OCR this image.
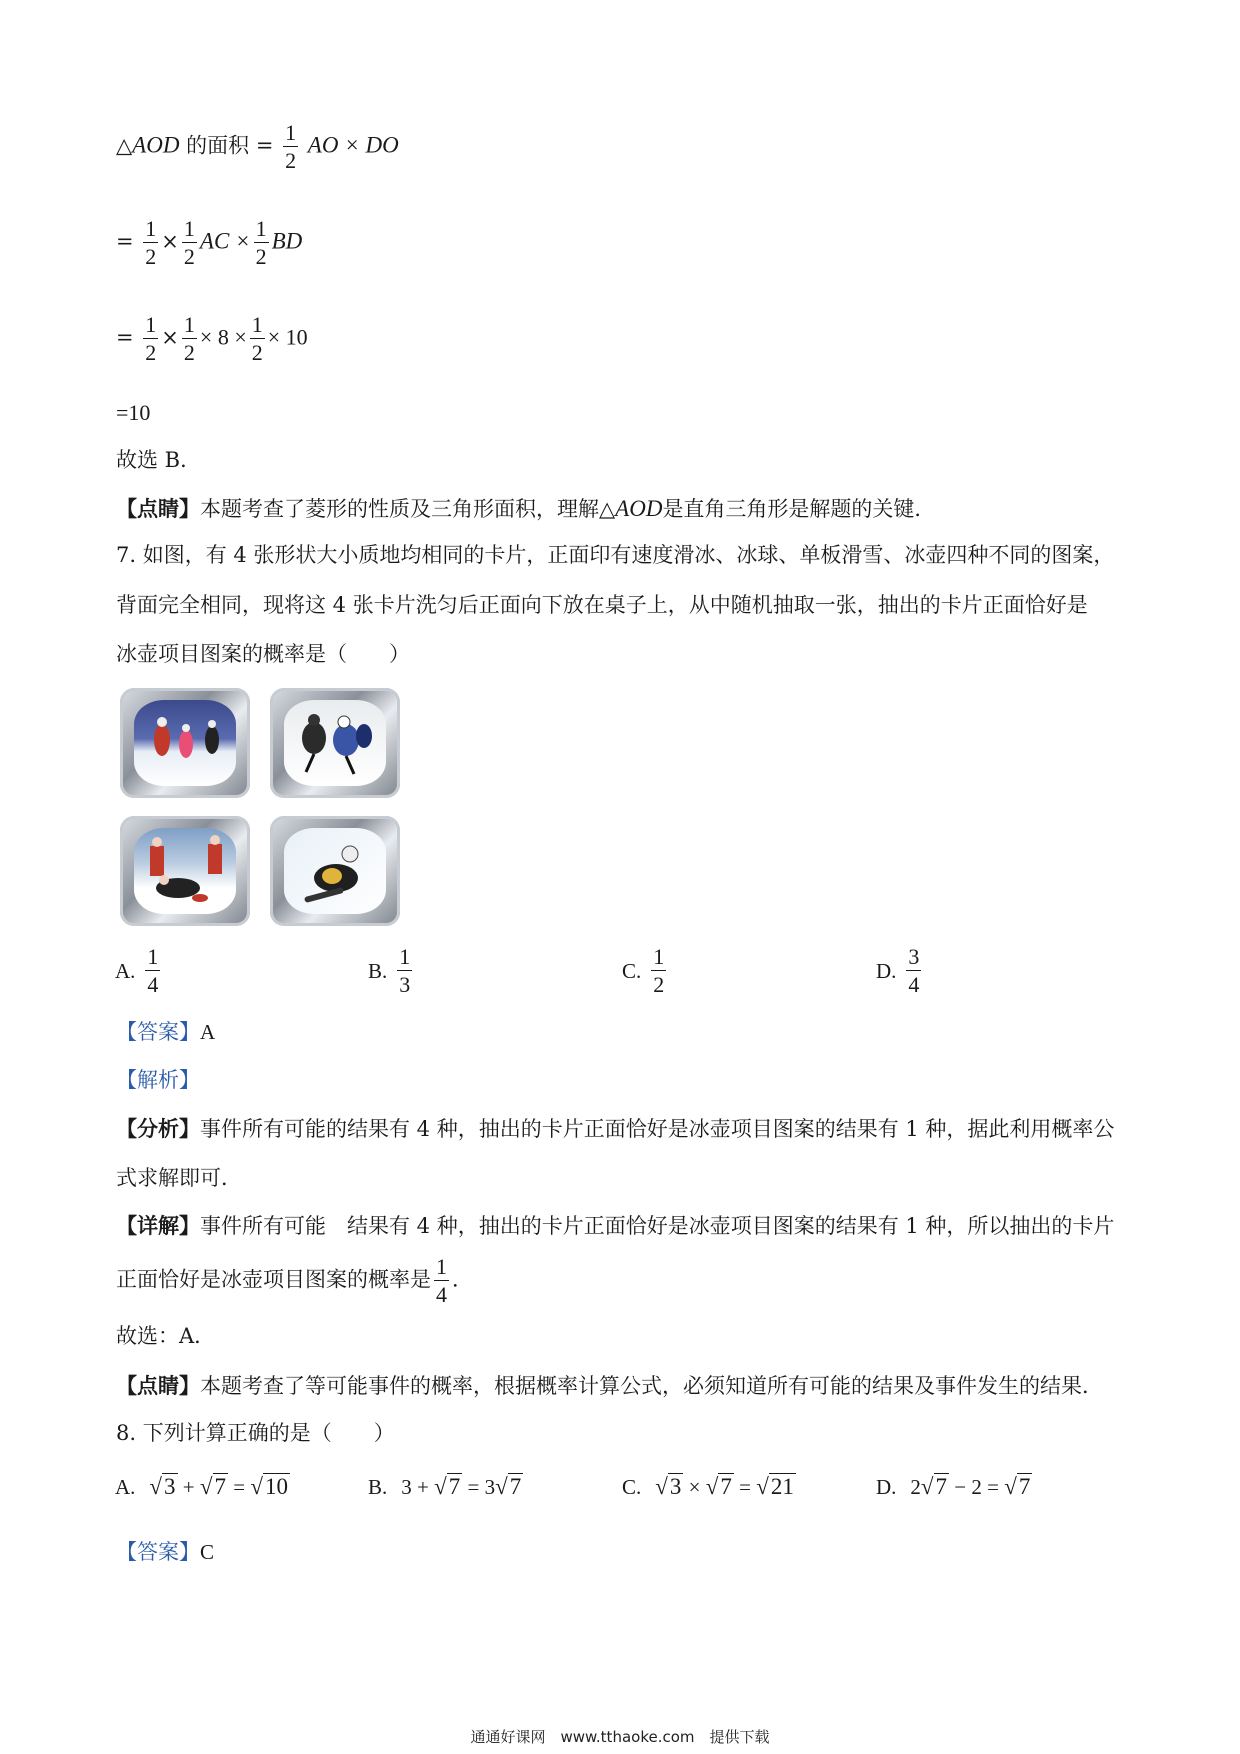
△AOD 的面积 = $\frac{1}{2}$ AO × DO
= $\frac{1}{2} \times \frac{1}{2}$ AC × $\frac{1}{2}$ BD
= $\frac{1}{2} \times \frac{1}{2} \times 8 \times \frac{1}{2} \times 10$
=10
故选 B．
【点睛】本题考查了菱形的性质及三角形面积，理解△AOD是直角三角形是解题的关键．
7. 如图，有 4 张形状大小质地均相同的卡片，正面印有速度滑冰、冰球、单板滑雪、冰壶四种不同的图案，
背面完全相同，现将这 4 张卡片洗匀后正面向下放在桌子上，从中随机抽取一张，抽出的卡片正面恰好是
冰壶项目图案的概率是（　　）
A. $\frac{1}{4}$	B. $\frac{1}{3}$	C. $\frac{1}{2}$	D. $\frac{3}{4}$
【答案】A
【解析】
【分析】事件所有可能的结果有 4 种，抽出的卡片正面恰好是冰壶项目图案的结果有 1 种，据此利用概率公
式求解即可．
【详解】事件所有可能　结果有 4 种，抽出的卡片正面恰好是冰壶项目图案的结果有 1 种，所以抽出的卡片
正面恰好是冰壶项目图案的概率是 $\frac{1}{4}$ ．
故选：A．
【点睛】本题考查了等可能事件的概率，根据概率计算公式，必须知道所有可能的结果及事件发生的结果．
8. 下列计算正确的是（　　）
A. √3
+
√7
=
√10	B. 3 +
√7
= 3 √7	C. √3
×
√7
=
√21	D. 2 √7
− 2 =
√7
【答案】C
通通好课网　www.tthaoke.com　提供下载
